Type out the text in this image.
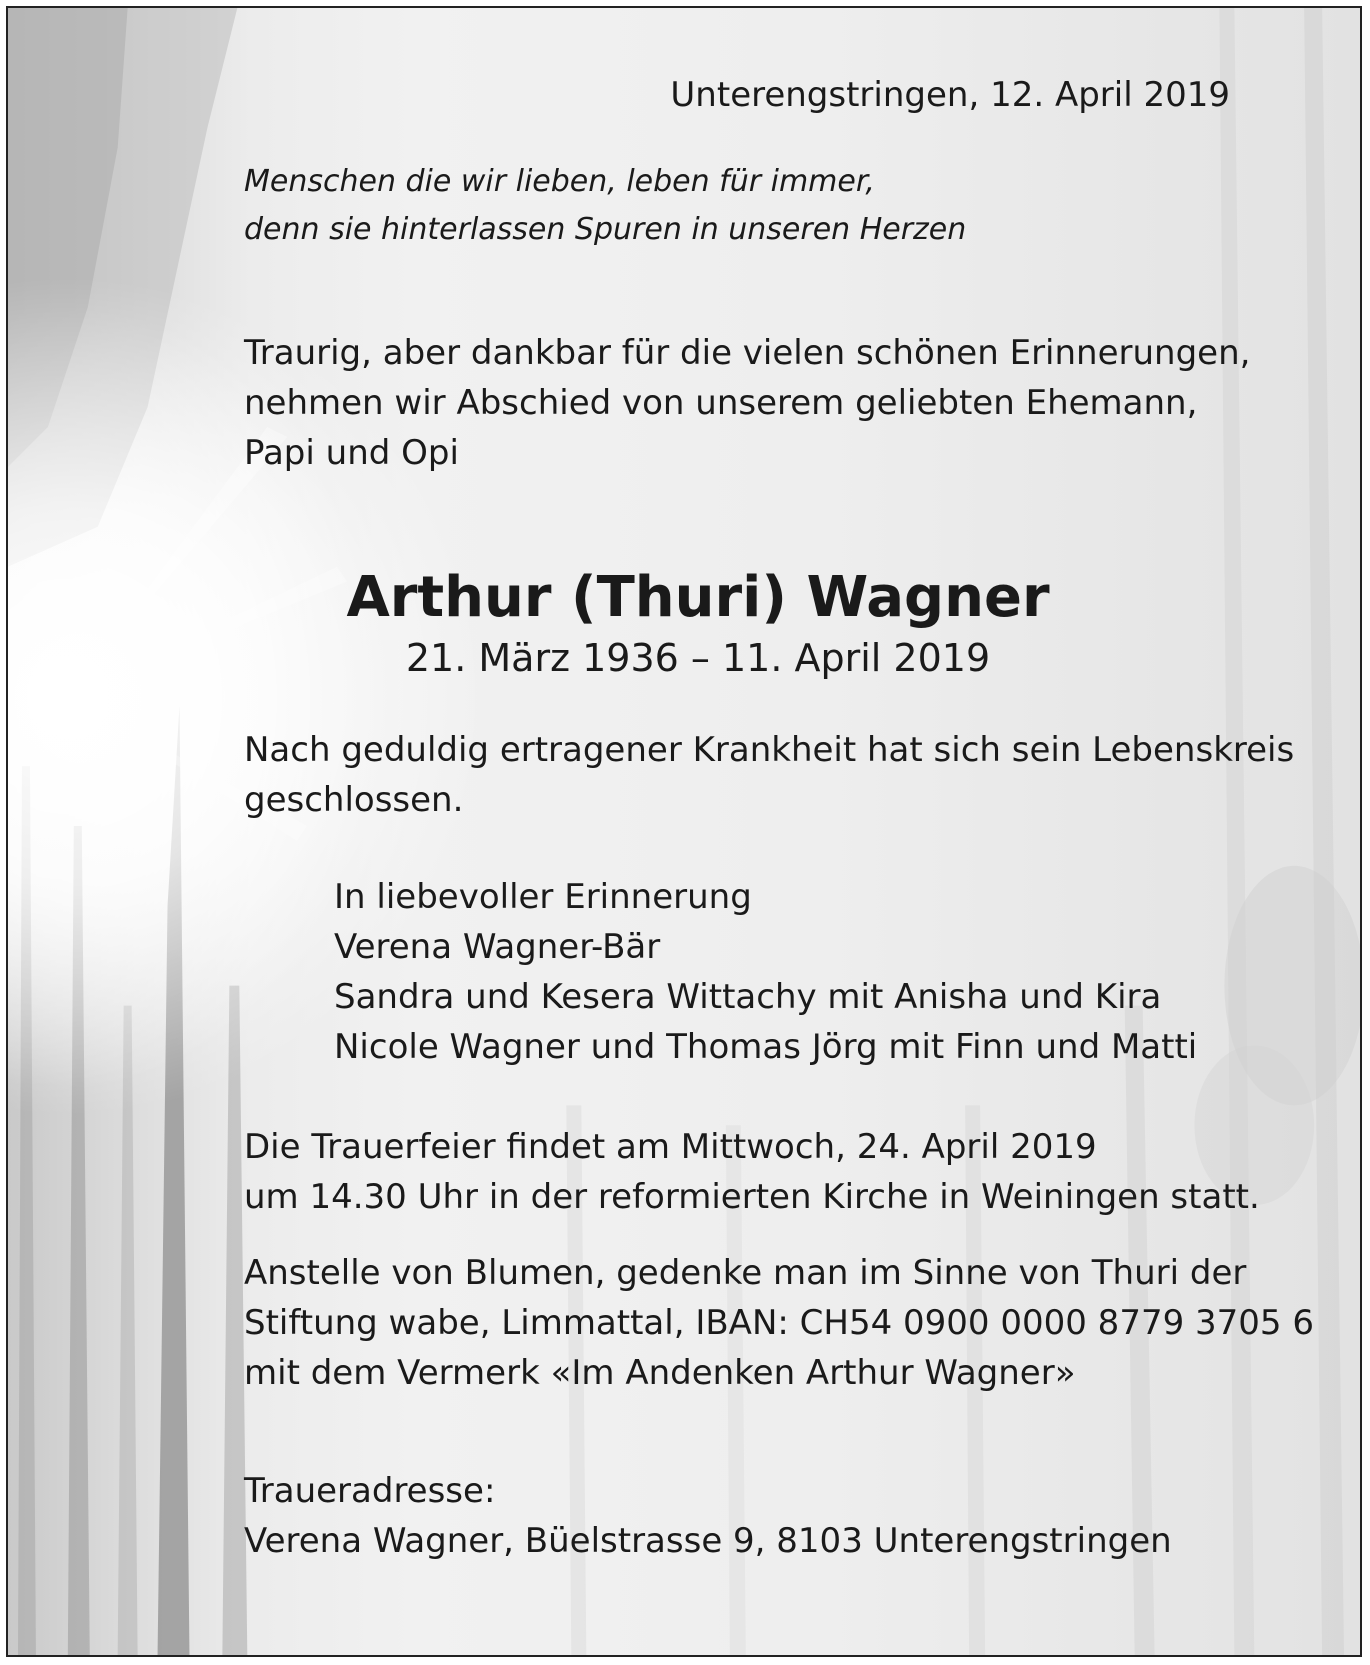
Unterengstringen, 12. April 2019
Menschen die wir lieben, leben für immer,
denn sie hinterlassen Spuren in unseren Herzen
Traurig, aber dankbar für die vielen schönen Erinnerungen,
nehmen wir Abschied von unserem geliebten Ehemann,
Papi und Opi
Arthur (Thuri) Wagner
21. März 1936 – 11. April 2019
Nach geduldig ertragener Krankheit hat sich sein Lebenskreis
geschlossen.
In liebevoller Erinnerung
Verena Wagner-Bär
Sandra und Kesera Wittachy mit Anisha und Kira
Nicole Wagner und Thomas Jörg mit Finn und Matti
Die Trauerfeier findet am Mittwoch, 24. April 2019
um 14.30 Uhr in der reformierten Kirche in Weiningen statt.
Anstelle von Blumen, gedenke man im Sinne von Thuri der
Stiftung wabe, Limmattal, IBAN: CH54 0900 0000 8779 3705 6
mit dem Vermerk «Im Andenken Arthur Wagner»
Traueradresse:
Verena Wagner, Büelstrasse 9, 8103 Unterengstringen
